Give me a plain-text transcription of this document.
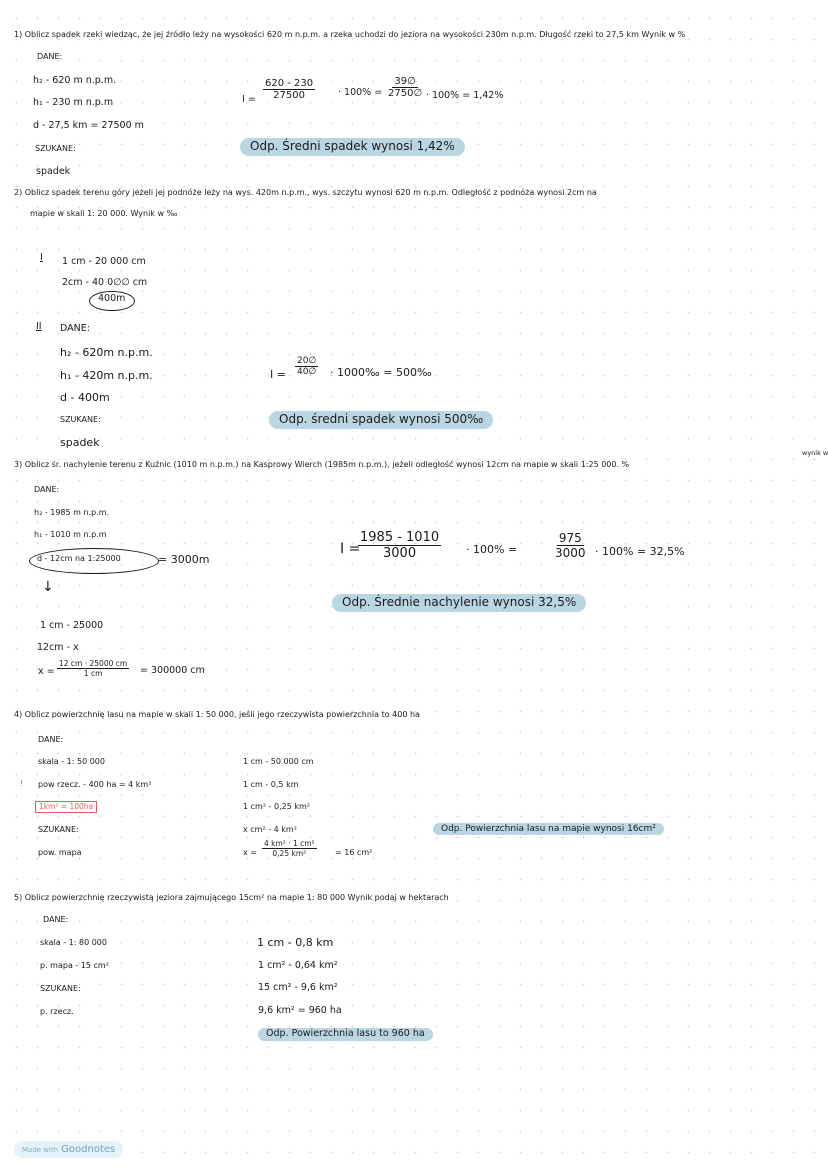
1) Oblicz spadek rzeki wiedząc, że jej źródło leży na wysokości 620 m n.p.m. a rzeka uchodzi do jeziora na wysokości 230m n.p.m. Długość rzeki to 27,5 km Wynik w %
DANE:
h₂ - 620 m n.p.m.
h₁ - 230 m n.p.m
d - 27,5 km = 27500 m
SZUKANE:
spadek
$I = \frac{620 - 230}{27500} \cdot 100\% = \frac{39\emptyset}{2750\emptyset} \cdot 100\% = 1,42\%$
Odp. Średni spadek wynosi 1,42%
2) Oblicz spadek terenu góry jeżeli jej podnóże leży na wys. 420m n.p.m., wys. szczytu wynosi 620 m n.p.m. Odległość z podnóża wynosi 2cm na
mapie w skali 1: 20 000. Wynik w ‰
I 1 cm - 20 000 cm
2cm - 40 0∅∅ cm
400m
II DANE:
h₂ - 620m n.p.m.
h₁ - 420m n.p.m.
d - 400m
SZUKANE:
spadek
$I = \frac{20\emptyset}{40\emptyset}$ · 1000‰ = 500‰
Odp. średni spadek wynosi 500‰
3) Oblicz śr. nachylenie terenu z Kuźnic (1010 m n.p.m.) na Kasprowy Wierch (1985m n.p.m.), jeżeli odległość wynosi 12cm na mapie w skali 1:25 000. %
wynik w
DANE:
h₂ - 1985 m n.p.m.
h₁ - 1010 m n.p.m
d - 12cm na 1:25000	= 3000m
↓
1 cm - 25000
12cm - x
$x = \frac{12 cm \cdot 25000 cm}{1 cm} = 300000$ cm
I =
$\frac{1985 - 1010}{3000} \cdot 100\%$ =	$\frac{975}{3000} \cdot 100\% = 32,5\%$
Odp. Średnie nachylenie wynosi 32,5%
4) Oblicz powierzchnię lasu na mapie w skali 1: 50 000, jeśli jego rzeczywista powierzchnia to 400 ha
DANE:
skala - 1: 50 000
! pow rzecz. - 400 ha = 4 km²
1km² = 100ha
SZUKANE:
pow. mapa
1 cm - 50 000 cm
1 cm - 0,5 km
1 cm² - 0,25 km²
x cm² - 4 km²
$x = \frac{\text{4 km² · 1 cm²}}{\text{0,25 km²}} = 16$ cm²
Odp. Powierzchnia lasu na mapie wynosi 16cm²
5) Oblicz powierzchnię rzeczywistą jeziora zajmującego 15cm² na mapie 1: 80 000 Wynik podaj w hektarach
DANE:
skala - 1: 80 000
p. mapa - 15 cm²
SZUKANE:
p. rzecz.
1 cm - 0,8 km
1 cm² - 0,64 km²
15 cm² - 9,6 km²
9,6 km² = 960 ha
Odp. Powierzchnia lasu to 960 ha
Made with Goodnotes
